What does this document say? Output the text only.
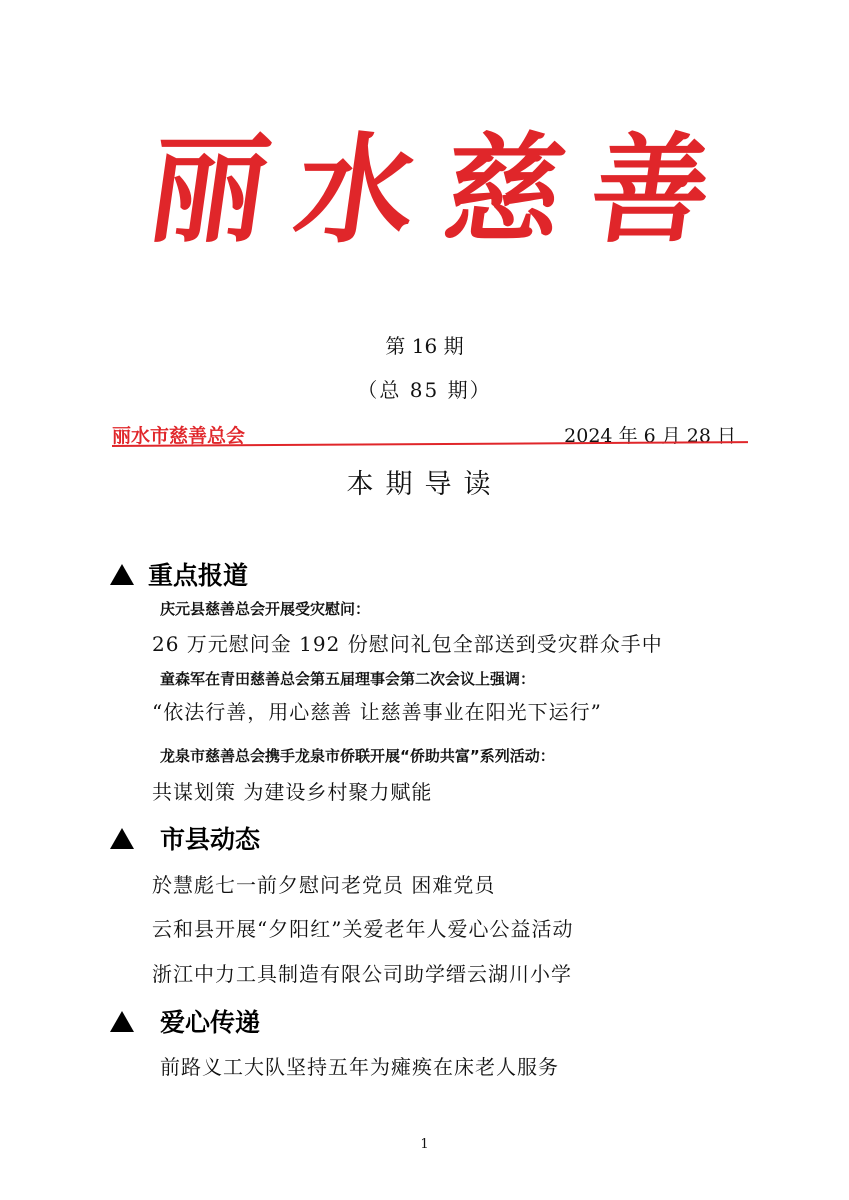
丽 水 慈 善
第 16 期
（总 85 期）
丽水市慈善总会	2024 年 6 月 28 日
本期导读
重点报道
庆元县慈善总会开展受灾慰问：
26 万元慰问金 192 份慰问礼包全部送到受灾群众手中
童森军在青田慈善总会第五届理事会第二次会议上强调：
“依法行善，用心慈善 让慈善事业在阳光下运行”
龙泉市慈善总会携手龙泉市侨联开展“侨助共富”系列活动：
共谋划策 为建设乡村聚力赋能
市县动态
於慧彪七一前夕慰问老党员 困难党员
云和县开展“夕阳红”关爱老年人爱心公益活动
浙江中力工具制造有限公司助学缙云湖川小学
爱心传递
前路义工大队坚持五年为瘫痪在床老人服务
1
